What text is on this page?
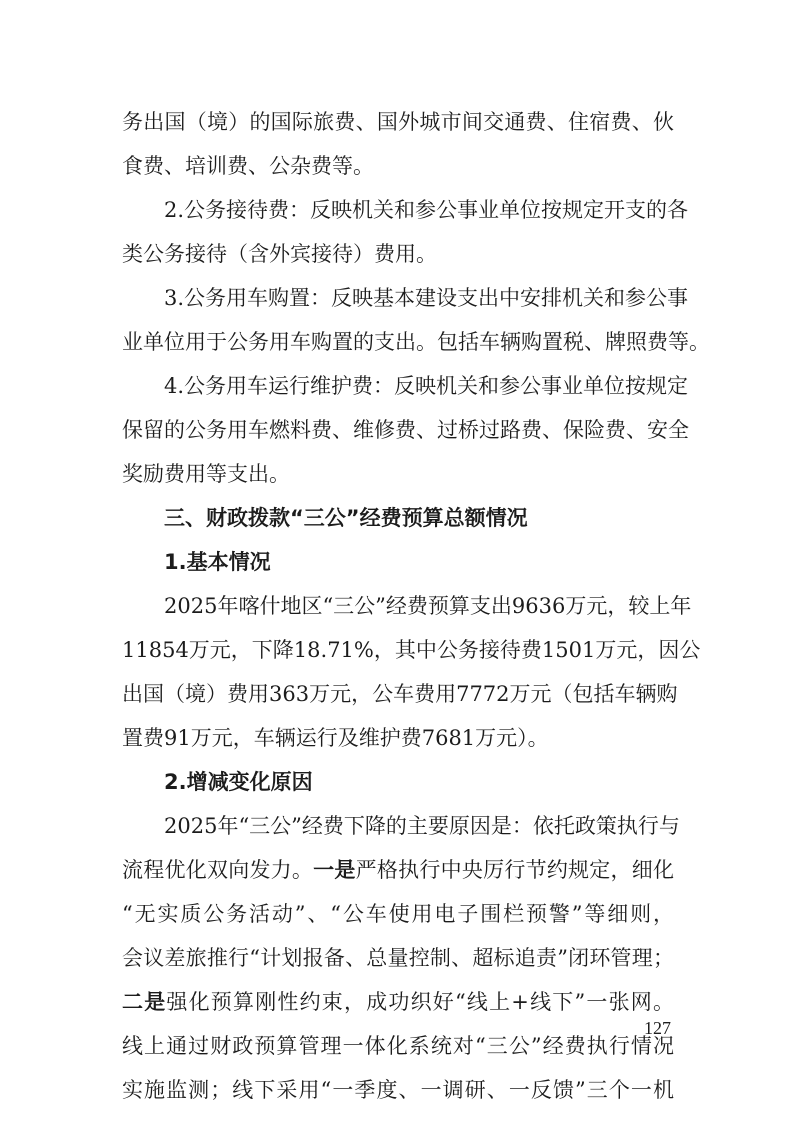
务出国（境）的国际旅费、国外城市间交通费、住宿费、伙
食费、培训费、公杂费等。
2.公务接待费：反映机关和参公事业单位按规定开支的各
类公务接待（含外宾接待）费用。
3.公务用车购置：反映基本建设支出中安排机关和参公事
业单位用于公务用车购置的支出。包括车辆购置税、牌照费等。
4.公务用车运行维护费：反映机关和参公事业单位按规定
保留的公务用车燃料费、维修费、过桥过路费、保险费、安全
奖励费用等支出。
三、财政拨款“三公”经费预算总额情况
1.基本情况
2025年喀什地区“三公”经费预算支出9636万元，较上年
11854万元，下降18.71%，其中公务接待费1501万元，因公
出国（境）费用363万元，公车费用7772万元（包括车辆购
置费91万元，车辆运行及维护费7681万元）。
2.增减变化原因
2025年“三公”经费下降的主要原因是：依托政策执行与
流程优化双向发力。一是严格执行中央厉行节约规定，细化
“无实质公务活动”、“公车使用电子围栏预警”等细则，
会议差旅推行“计划报备、总量控制、超标追责”闭环管理；
二是强化预算刚性约束，成功织好“线上+线下”一张网。
线上通过财政预算管理一体化系统对“三公”经费执行情况
实施监测；线下采用“一季度、一调研、一反馈”三个一机
127
